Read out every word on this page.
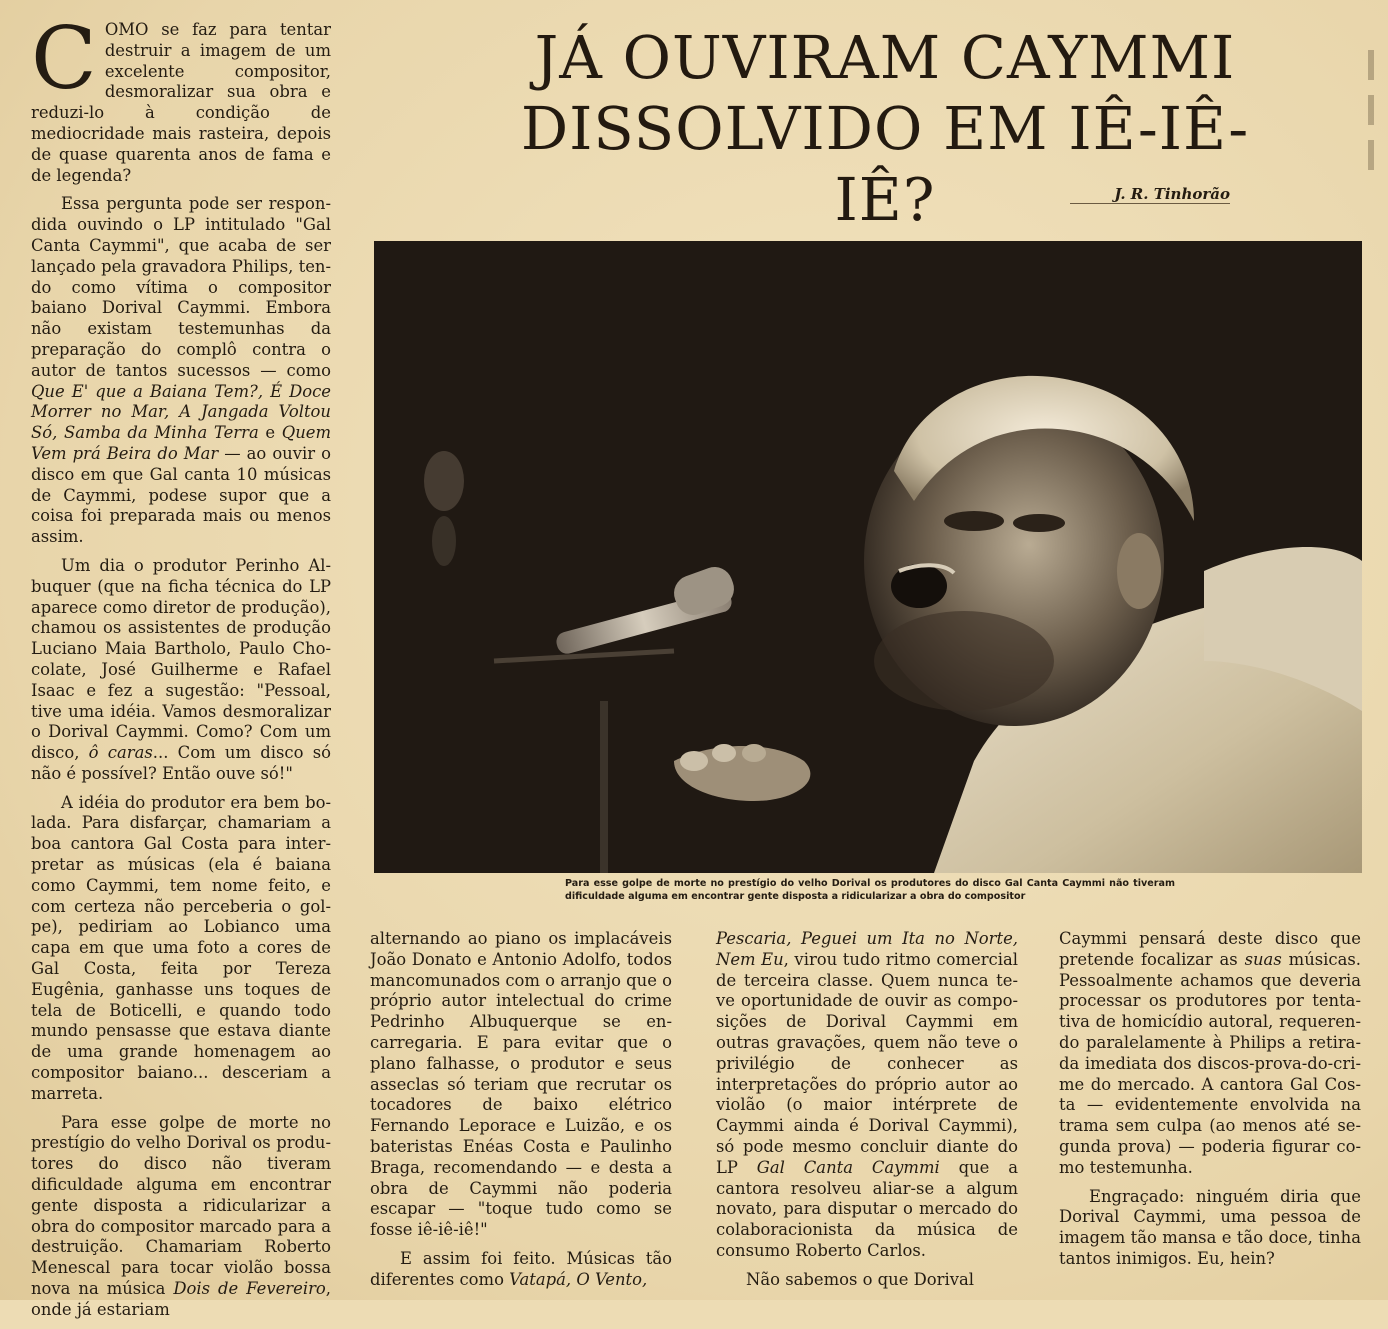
COMO se faz para tentar destruir a imagem de um excelente compositor, desmoralizar sua obra e reduzi-lo à condição de mediocridade mais rasteira, depois de quase quarenta anos de fama e de legenda?

Essa pergunta pode ser respondida ouvindo o LP intitulado "Gal Canta Caymmi", que acaba de ser lançado pela gravadora Philips, tendo como vítima o compositor baiano Dorival Caymmi. Embora não existam testemunhas da preparação do complô contra o autor de tantos sucessos — como Que E' que a Baiana Tem?, É Doce Morrer no Mar, A Jangada Voltou Só, Samba da Minha Terra e Quem Vem prá Beira do Mar — ao ouvir o disco em que Gal canta 10 músicas de Caymmi, podese supor que a coisa foi preparada mais ou menos assim.

Um dia o produtor Perinho Albuquer (que na ficha técnica do LP aparece como diretor de produção), chamou os assistentes de produção Luciano Maia Bartholo, Paulo Chocolate, José Guilherme e Rafael Isaac e fez a sugestão: "Pessoal, tive uma idéia. Vamos desmoralizar o Dorival Caymmi. Como? Com um disco, ô caras... Com um disco só não é possível? Então ouve só!"

A idéia do produtor era bem bolada. Para disfarçar, chamariam a boa cantora Gal Costa para interpretar as músicas (ela é baiana como Caymmi, tem nome feito, e com certeza não perceberia o golpe), pediriam ao Lobianco uma capa em que uma foto a cores de Gal Costa, feita por Tereza Eugênia, ganhasse uns toques de tela de Boticelli, e quando todo mundo pensasse que estava diante de uma grande homenagem ao compositor baiano... desceriam a marreta.

Para esse golpe de morte no prestígio do velho Dorival os produtores do disco não tiveram dificuldade alguma em encontrar gente disposta a ridicularizar a obra do compositor marcado para a destruição. Chamariam Roberto Menescal para tocar violão bossa nova na música Dois de Fevereiro, onde já estariam

JÁ OUVIRAM CAYMMI
DISSOLVIDO EM IÊ-IÊ-IÊ?	J. R. Tinhorão
Para esse golpe de morte no prestígio do velho Dorival os produtores do disco Gal Canta Caymmi não tiveram dificuldade alguma em encontrar gente disposta a ridicularizar a obra do compositor

alternando ao piano os implacáveis João Donato e Antonio Adolfo, todos mancomunados com o arranjo que o próprio autor intelectual do crime Pedrinho Albuquerque se encarregaria. E para evitar que o plano falhasse, o produtor e seus asseclas só teriam que recrutar os tocadores de baixo elétrico Fernando Leporace e Luizão, e os bateristas Enéas Costa e Paulinho Braga, recomendando — e desta a obra de Caymmi não poderia escapar — "toque tudo como se fosse iê-iê-iê!"

E assim foi feito. Músicas tão diferentes como Vatapá, O Vento,

Pescaria, Peguei um Ita no Norte, Nem Eu, virou tudo ritmo comercial de terceira classe. Quem nunca teve oportunidade de ouvir as composições de Dorival Caymmi em outras gravações, quem não teve o privilégio de conhecer as interpretações do próprio autor ao violão (o maior intérprete de Caymmi ainda é Dorival Caymmi), só pode mesmo concluir diante do LP Gal Canta Caymmi que a cantora resolveu aliar-se a algum novato, para disputar o mercado do colaboracionista da música de consumo Roberto Carlos.

Não sabemos o que Dorival

Caymmi pensará deste disco que pretende focalizar as suas músicas. Pessoalmente achamos que deveria processar os produtores por tentativa de homicídio autoral, requerendo paralelamente à Philips a retirada imediata dos discos-prova-do-crime do mercado. A cantora Gal Costa — evidentemente envolvida na trama sem culpa (ao menos até segunda prova) — poderia figurar como testemunha.

Engraçado: ninguém diria que Dorival Caymmi, uma pessoa de imagem tão mansa e tão doce, tinha tantos inimigos. Eu, hein?
